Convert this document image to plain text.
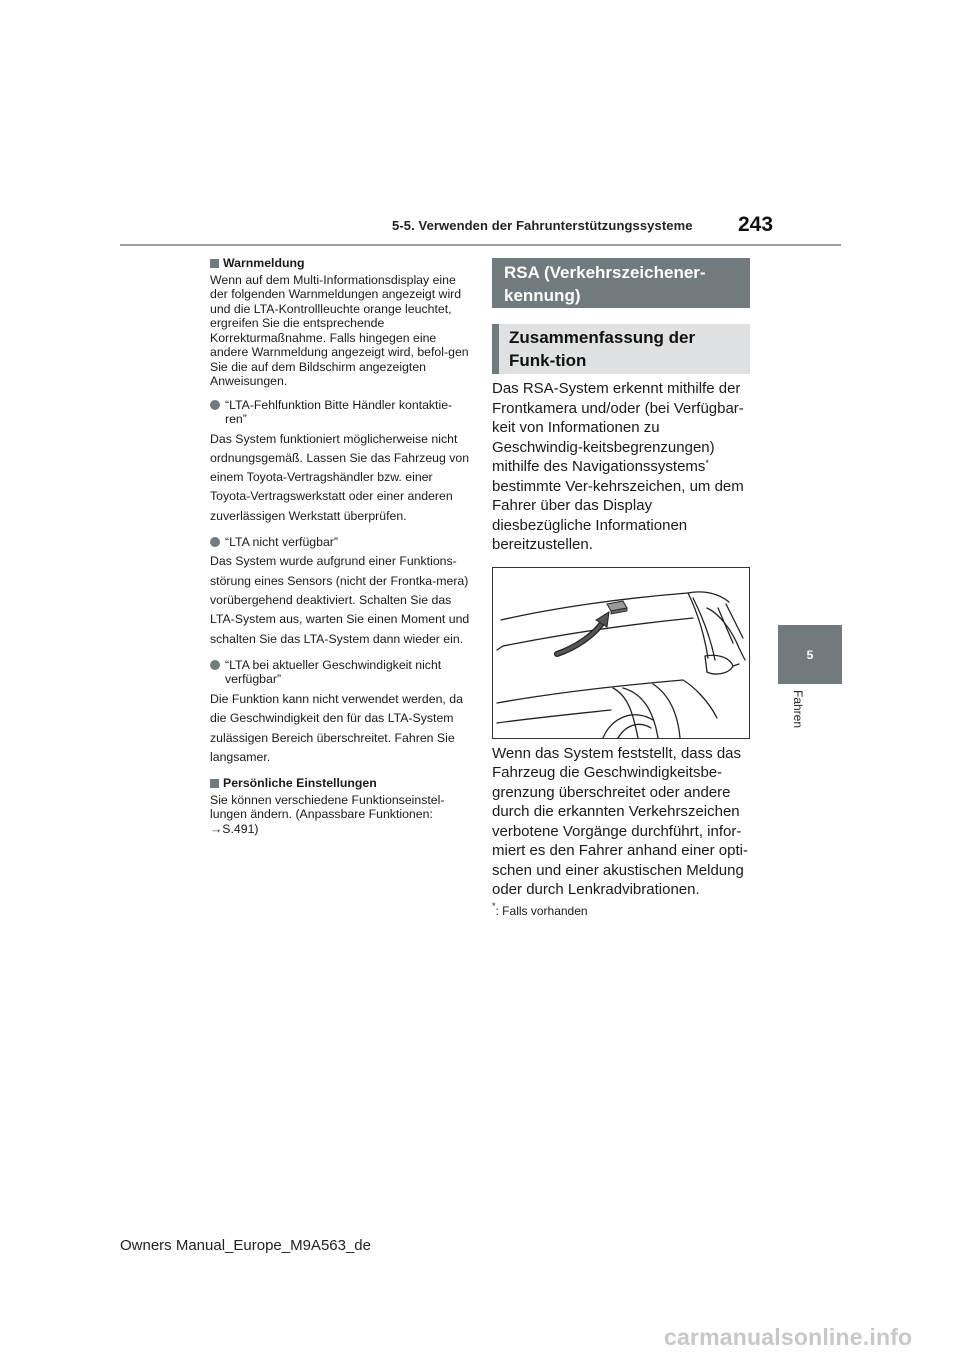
5-5. Verwenden der Fahrunterstützungssysteme 243
5
Fahren
Warnmeldung
Wenn auf dem Multi-Informationsdisplay eine der folgenden Warnmeldungen angezeigt wird und die LTA-Kontrollleuchte orange leuchtet, ergreifen Sie die entsprechende Korrekturmaßnahme. Falls hingegen eine andere Warnmeldung angezeigt wird, befol-gen Sie die auf dem Bildschirm angezeigten Anweisungen.
“LTA-Fehlfunktion Bitte Händler kontaktie-ren”
Das System funktioniert möglicherweise nicht ordnungsgemäß. Lassen Sie das Fahrzeug von einem Toyota-Vertragshändler bzw. einer Toyota-Vertragswerkstatt oder einer anderen zuverlässigen Werkstatt überprüfen.
“LTA nicht verfügbar”
Das System wurde aufgrund einer Funktions-störung eines Sensors (nicht der Frontka-mera) vorübergehend deaktiviert. Schalten Sie das LTA-System aus, warten Sie einen Moment und schalten Sie das LTA-System dann wieder ein.
“LTA bei aktueller Geschwindigkeit nicht verfügbar”
Die Funktion kann nicht verwendet werden, da die Geschwindigkeit den für das LTA-System zulässigen Bereich überschreitet. Fahren Sie langsamer.
Persönliche Einstellungen
Sie können verschiedene Funktionseinstel-lungen ändern. (Anpassbare Funktionen: →S.491)
RSA (Verkehrszeichener-kennung)
Zusammenfassung der Funk-tion
Das RSA-System erkennt mithilfe der Frontkamera und/oder (bei Verfügbar-keit von Informationen zu Geschwindig-keitsbegrenzungen) mithilfe des Navigationssystems* bestimmte Ver-kehrszeichen, um dem Fahrer über das Display diesbezügliche Informationen bereitzustellen.
Wenn das System feststellt, dass das Fahrzeug die Geschwindigkeitsbe-grenzung überschreitet oder andere durch die erkannten Verkehrszeichen verbotene Vorgänge durchführt, infor-miert es den Fahrer anhand einer opti-schen und einer akustischen Meldung oder durch Lenkradvibrationen.
*: Falls vorhanden
Owners Manual_Europe_M9A563_de
carmanualsonline.info
